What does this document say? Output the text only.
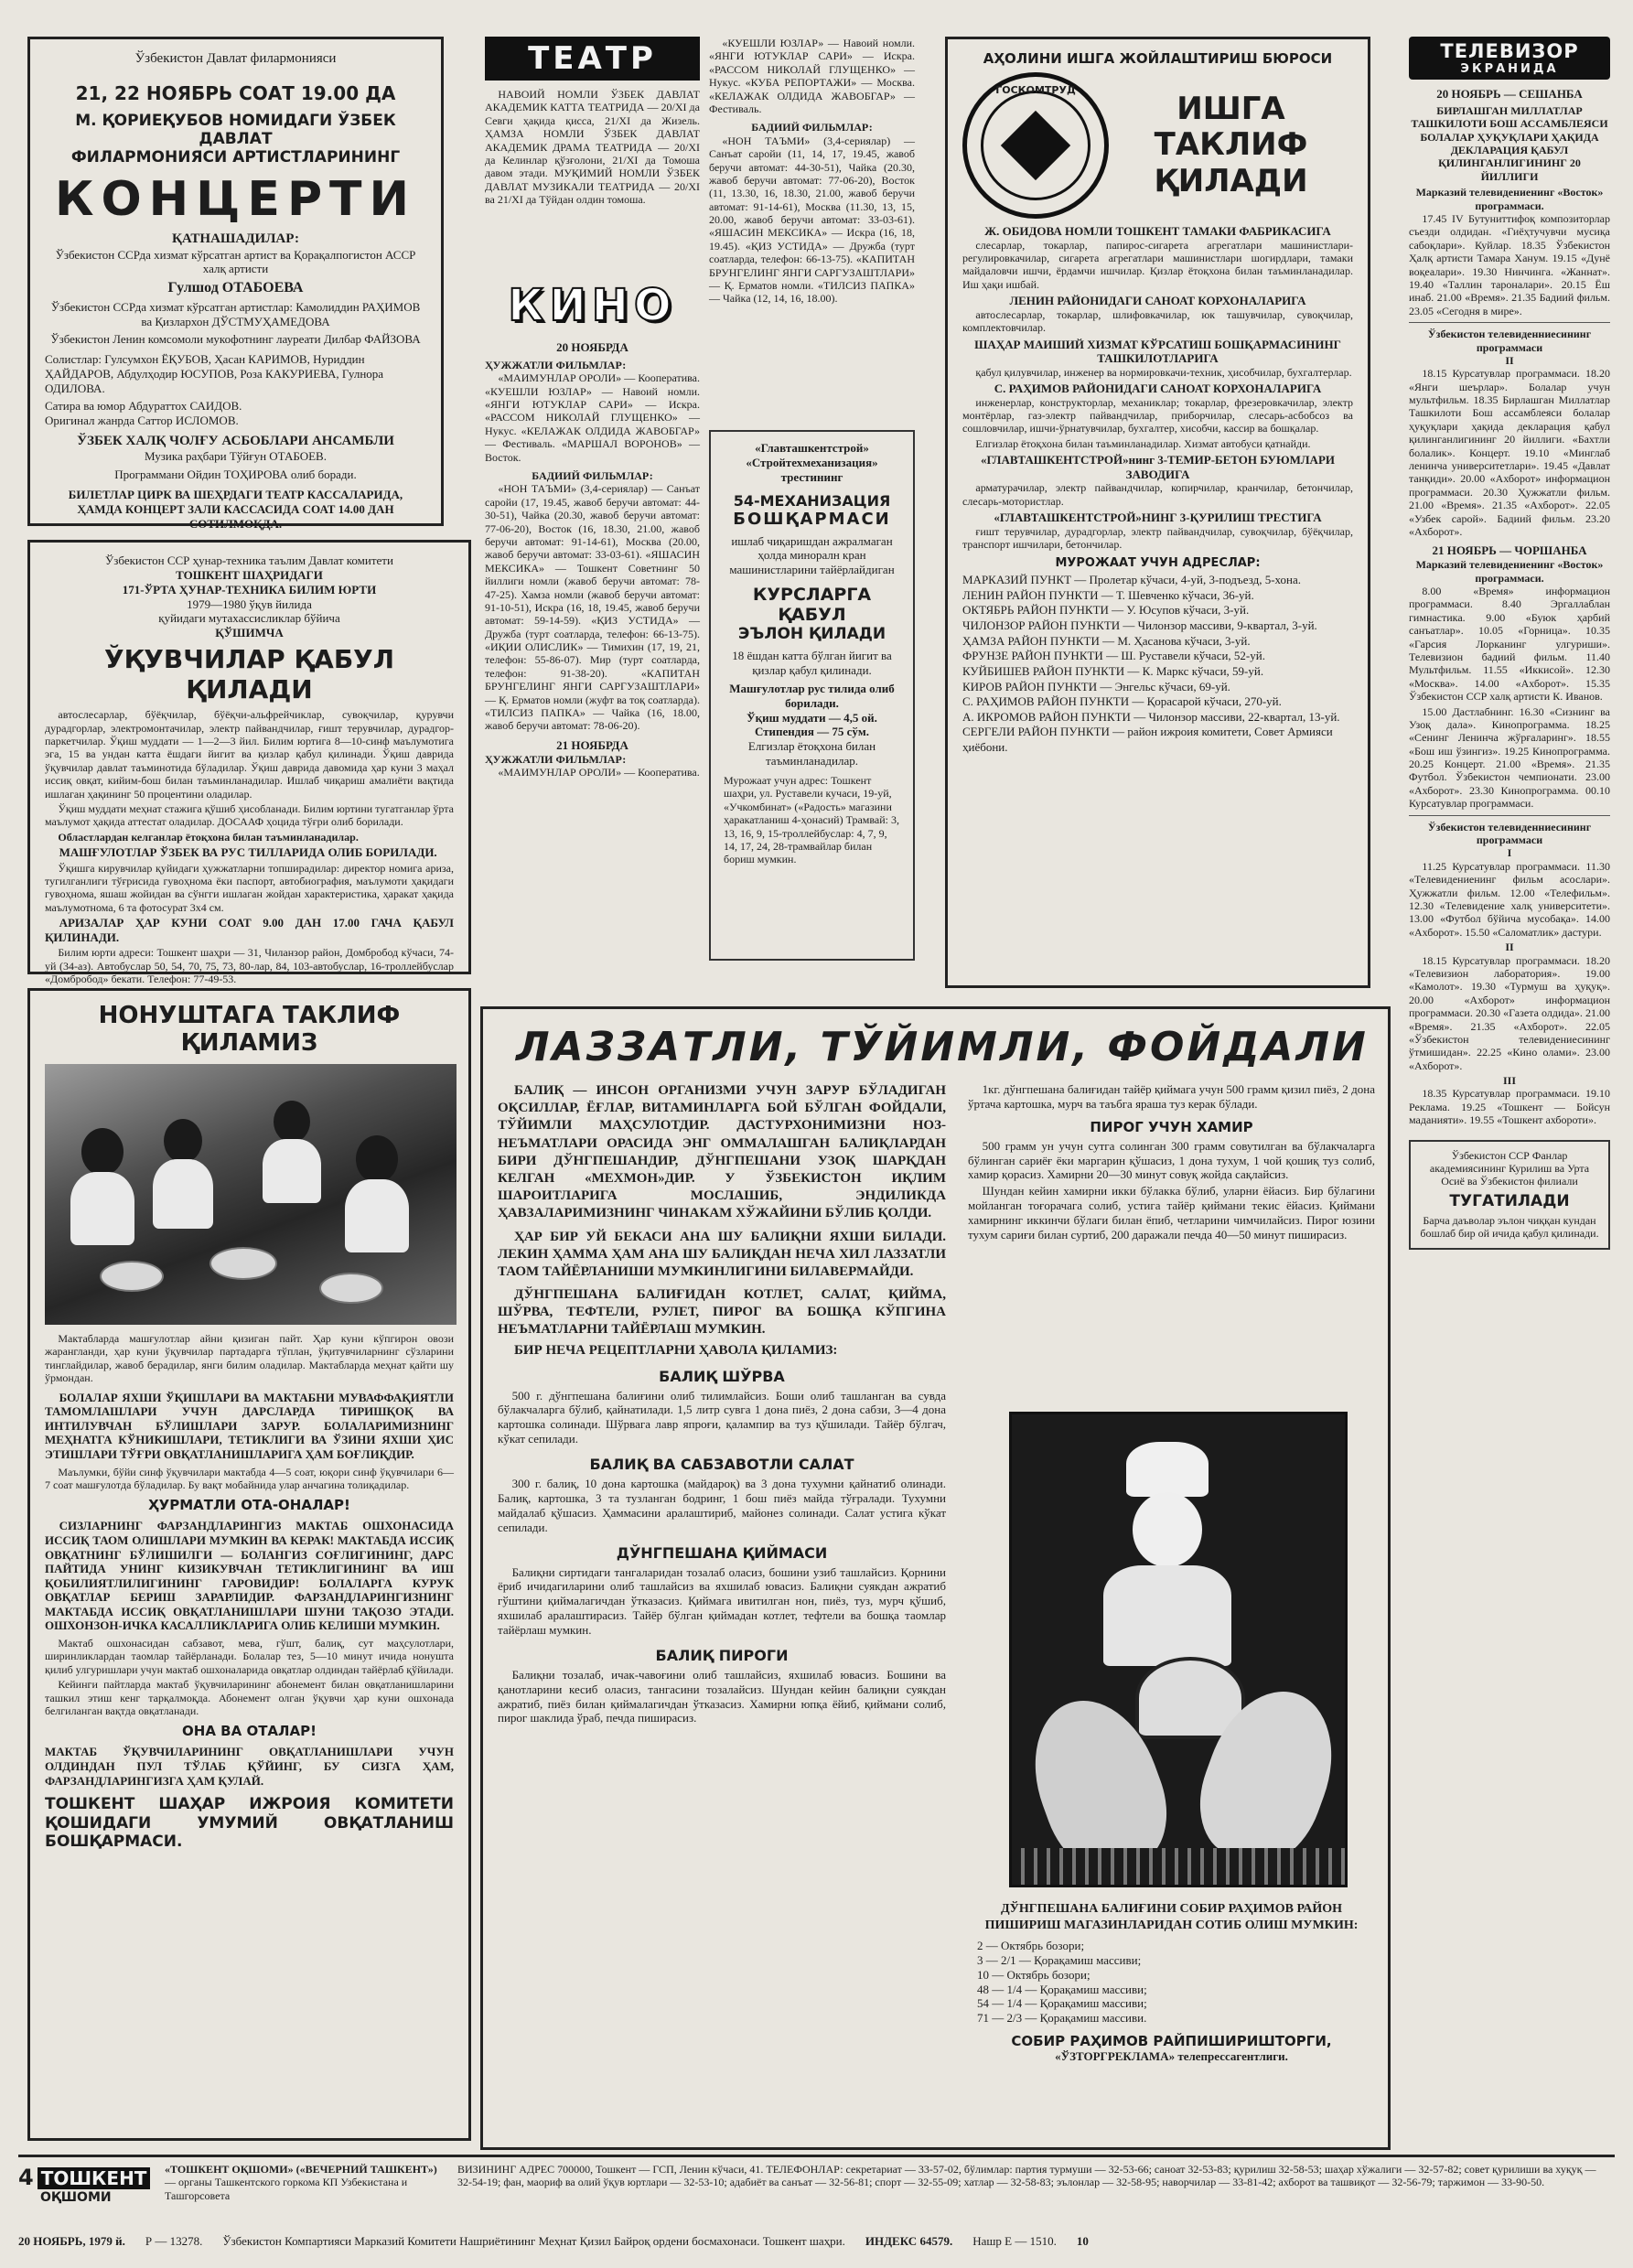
Ўзбекистон Давлат филармонияси
21, 22 НОЯБРЬ СОАТ 19.00 ДА
М. ҚОРИЕҚУБОВ НОМИДАГИ ЎЗБЕК ДАВЛАТ
ФИЛАРМОНИЯСИ АРТИСТЛАРИНИНГ
КОНЦЕРТИ
ҚАТНАШАДИЛАР:
Ўзбекистон ССРда хизмат кўрсатган артист ва Қорақалпогистон АССР халқ артисти
Гулшод ОТАБОЕВА
Ўзбекистон ССРда хизмат кўрсатган артистлар: Камолиддин РАҲИМОВ ва Қизлархон ДЎСТМУҲАМЕДОВА
Ўзбекистон Ленин комсомоли мукофотнинг лауреати Дилбар ФАЙЗОВА
Солистлар: Гулсумхон ЁҚУБОВ, Ҳасан КАРИМОВ, Нуриддин ҲАЙДАРОВ, Абдулҳодир ЮСУПОВ, Роза КАКУРИЕВА, Гулнора ОДИЛОВА.
Сатира ва юмор Абдураттох САИДОВ.
Оригинал жанрда Саттор ИСЛОМОВ.
ЎЗБЕК ХАЛҚ ЧОЛҒУ АСБОБЛАРИ АНСАМБЛИ
Музика раҳбари Тўйғун ОТАБОЕВ.
Программани Ойдин ТОҲИРОВА олиб боради.
БИЛЕТЛАР ЦИРК ВА ШЕҲРДАГИ ТЕАТР КАССАЛАРИДА, ҲАМДА КОНЦЕРТ ЗАЛИ КАССАСИДА СОАТ 14.00 ДАН СОТИЛМОҚДА.
ТЕАТР

НАВОИЙ НОМЛИ ЎЗБЕК ДАВЛАТ АКАДЕМИК КАТТА ТЕАТРИДА — 20/XI да Севги ҳақида қисса, 21/XI да Жизель. ҲАМЗА НОМЛИ ЎЗБЕК ДАВЛАТ АКАДЕМИК ДРАМА ТЕАТРИДА — 20/XI да Келинлар қўзғолони, 21/XI да Томоша давом этади. МУҚИМИЙ НОМЛИ ЎЗБЕК ДАВЛАТ МУЗИКАЛИ ТЕАТРИДА — 20/XI ва 21/XI да Тўйдан олдин томоша.

КИНО
20 НОЯБРДА
ҲУЖЖАТЛИ ФИЛЬМЛАР:

«МАИМУНЛАР ОРОЛИ» — Кооператива. «КУЕШЛИ ЮЗЛАР» — Навоий номли. «ЯНГИ ЮТУКЛАР САРИ» — Искра. «РАССОМ НИКОЛАЙ ГЛУЩЕНКО» — Нукус. «КЕЛАЖАК ОЛДИДА ЖАВОБГАР» — Фестиваль. «МАРШАЛ ВОРОНОВ» — Восток.

БАДИИЙ ФИЛЬМЛАР:

«НОН ТАЪМИ» (3,4-сериялар) — Санъат саройи (17, 19.45, жавоб беручи автомат: 44-30-51), Чайка (20.30, жавоб беручи автомат: 77-06-20), Восток (16, 18.30, 21.00, жавоб беручи автомат: 91-14-61), Москва (20.00, жавоб беручи автомат: 33-03-61). «ЯШАСИН МЕКСИКА» — Тошкент Советнинг 50 йиллиги номли (жавоб беручи автомат: 78-47-25). Хамза номли (жавоб беручи автомат: 91-10-51), Искра (16, 18, 19.45, жавоб беручи автомат: 59-14-59). «ҚИЗ УСТИДА» — Дружба (турт соатларда, телефон: 66-13-75). «ИҚИИ ОЛИСЛИК» — Тимихин (17, 19, 21, телефон: 55-86-07). Мир (турт соатларда, телефон: 91-38-20). «КАПИТАН БРУНГЕЛИНГ ЯНГИ САРГУЗАШТЛАРИ» — Қ. Ерматов номли (жуфт ва тоқ соатларда). «ТИЛСИЗ ПАПКА» — Чайка (16, 18.00, жавоб беручи автомат: 78-06-20).

21 НОЯБРДА
ҲУЖЖАТЛИ ФИЛЬМЛАР:

«МАИМУНЛАР ОРОЛИ» — Кооператива.

«КУЕШЛИ ЮЗЛАР» — Навоий номли. «ЯНГИ ЮТУКЛАР САРИ» — Искра. «РАССОМ НИКОЛАЙ ГЛУЩЕНКО» — Нукус. «КУБА РЕПОРТАЖИ» — Москва. «КЕЛАЖАК ОЛДИДА ЖАВОБГАР» — Фестиваль.

БАДИИЙ ФИЛЬМЛАР:

«НОН ТАЪМИ» (3,4-сериялар) — Санъат саройи (11, 14, 17, 19.45, жавоб беручи автомат: 44-30-51), Чайка (20.30, жавоб беручи автомат: 77-06-20), Восток (11, 13.30, 16, 18.30, 21.00, жавоб беручи автомат: 91-14-61), Москва (11.30, 13, 15, 20.00, жавоб беручи автомат: 33-03-61). «ЯШАСИН МЕКСИКА» — Искра (16, 18, 19.45). «ҚИЗ УСТИДА» — Дружба (турт соатларда, телефон: 66-13-75). «КАПИТАН БРУНГЕЛИНГ ЯНГИ САРГУЗАШТЛАРИ» — Қ. Ерматов номли. «ТИЛСИЗ ПАПКА» — Чайка (12, 14, 16, 18.00).

«Главташкентстрой» «Стройтехмеханизация» трестининг
54-МЕХАНИЗАЦИЯ
БОШҚАРМАСИ
ишлаб чиқаришдан ажралмаган ҳолда миноралн кран машинистларини тайёрлайдиган
КУРСЛАРГА
ҚАБУЛ
ЭЪЛОН ҚИЛАДИ
18 ёшдан катта бўлган йигит ва қизлар қабул қилинади.
Машғулотлар рус тилида олиб борилади.
Ўқиш муддати — 4,5 ой.
Стипендия — 75 сўм.
Елгизлар ётоқхона билан таъминланадилар.
Мурожаат учун адрес: Тошкент шаҳри, ул. Руставели кучаси, 19-уй, «Учкомбинат» («Радость» магазини ҳаракатланиш 4-ҳонасий) Трамвай: 3, 13, 16, 9, 15-троллейбуслар: 4, 7, 9, 14, 17, 24, 28-трамвайлар билан бориш мумкин.
Ўзбекистон ССР ҳунар-техника таълим Давлат комитети
ТОШКЕНТ ШАҲРИДАГИ
171-ЎРТА ҲУНАР-ТЕХНИКА БИЛИМ ЮРТИ
1979—1980 ўқув йилида
қуйидаги мутахассисликлар бўйича
ҚЎШИМЧА
ЎҚУВЧИЛАР ҚАБУЛ ҚИЛАДИ

автослесарлар, бўёқчилар, бўёқчи-альфрейчиклар, сувоқчилар, қурувчи дурадгорлар, электромонтачилар, электр пайвандчилар, ғишт терувчилар, дурадгор-паркетчилар. Ўқиш муддати — 1—2—3 йил. Билим юртига 8—10-синф маълумотига эга, 15 ва ундан катта ёшдаги йигит ва қизлар қабул қилинади. Ўқиш даврида ўқувчилар давлат таъминотида бўладилар. Ўқиш даврида давомида ҳар куни 3 маҳал иссиқ овқат, кийим-бош билан таъминланадилар. Ишлаб чиқариш амалиёти вақтида ишлаган ҳақининг 50 процентини оладилар.

Ўқиш муддати меҳнат стажига қўшиб ҳисобланади. Билим юртини тугатганлар ўрта маълумот ҳақида аттестат оладилар. ДОСААФ ҳоцида тўғри олиб борилади.

Областлардан келганлар ётоқхона билан таъминланадилар.

МАШҒУЛОТЛАР ЎЗБЕК ВА РУС ТИЛЛАРИДА ОЛИБ БОРИЛАДИ.

Ўқишга кирувчилар қуйидаги ҳужжатларни топширадилар: директор номига ариза, тугилганлиги тўғрисида гувоҳнома ёки паспорт, автобиография, маълумоти ҳақидаги гувоҳнома, яшаш жойидан ва сўнгги ишлаган жойдан характеристика, ҳаракат ҳақида маълумотнома, 6 та фотосурат 3х4 см.

АРИЗАЛАР ҲАР КУНИ СОАТ 9.00 ДАН 17.00 ГАЧА ҚАБУЛ ҚИЛИНАДИ.

Билим юрти адреси: Тошкент шаҳри — 31, Чиланзор район, Домбробод кўчаси, 74-уй (34-аз). Автобуслар 50, 54, 70, 75, 73, 80-лар, 84, 103-автобуслар, 16-троллейбуслар «Домбробод» бекати. Телефон: 77-49-53.

НОНУШТАГА ТАКЛИФ ҚИЛАМИЗ

Мактабларда машғулотлар айни қизиган пайт. Ҳар куни кўпгирон овози жарангланди, ҳар куни ўқувчилар партадарга тўплан, ўқитувчиларнинг сўзларини тинглайдилар, жавоб берадилар, янги билим оладилар. Мактабларда меҳнат қайти шу ўрмондан.

БОЛАЛАР ЯХШИ ЎҚИШЛАРИ ВА МАКТАБНИ МУВАФФАҚИЯТЛИ ТАМОМЛАШЛАРИ УЧУН ДАРСЛАРДА ТИРИШҚОҚ ВА ИНТИЛУВЧАН БЎЛИШЛАРИ ЗАРУР. БОЛАЛАРИМИЗНИНГ МЕҲНАТГА КЎНИКИШЛАРИ, ТЕТИКЛИГИ ВА ЎЗИНИ ЯХШИ ҲИС ЭТИШЛАРИ ТЎҒРИ ОВҚАТЛАНИШЛАРИГА ҲАМ БОҒЛИҚДИР.

Маълумки, бўйи синф ўқувчилари мактабда 4—5 соат, юқори синф ўқувчилари 6—7 соат машғулотда бўладилар. Бу вақт мобайнида улар анчагина толиқадилар.

ҲУРМАТЛИ ОТА-ОНАЛАР!

СИЗЛАРНИНГ ФАРЗАНДЛАРИНГИЗ МАКТАБ ОШХОНАСИДА ИССИҚ ТАОМ ОЛИШЛАРИ МУМКИН ВА КЕРАК! МАКТАБДА ИССИҚ ОВҚАТНИНГ БЎЛИШИЛГИ — БОЛАНГИЗ СОҒЛИГИНИНГ, ДАРС ПАЙТИДА УНИНГ КИЗИКУВЧАН ТЕТИКЛИГИНИНГ ВА ИШ ҚОБИЛИЯТЛИЛИГИНИНГ ГАРОВИДИР! БОЛАЛАРГА КУРУК ОВҚАТЛАР БЕРИШ ЗАРАРЛИДИР. ФАРЗАНДЛАРИНГИЗНИНГ МАКТАБДА ИССИҚ ОВҚАТЛАНИШЛАРИ ШУНИ ТАҚОЗО ЭТАДИ. ОШХОНЗОН-ИЧКА КАСАЛЛИКЛАРИГА ОЛИБ КЕЛИШИ МУМКИН.

Мактаб ошхонасидан сабзавот, мева, гўшт, балиқ, сут маҳсулотлари, ширинликлардан таомлар тайёрланади. Болалар тез, 5—10 минут ичида нонушта қилиб улгуришлари учун мактаб ошхоналарида овқатлар олдиндан тайёрлаб қўйилади.

Кейинги пайтларда мактаб ўқувчиларининг абонемент билан овқатланишларини ташкил этиш кенг тарқалмоқда. Абонемент олган ўқувчи ҳар куни ошхонада белгиланган вақтда овқатланади.

ОНА ВА ОТАЛАР!

МАКТАБ ЎҚУВЧИЛАРИНИНГ ОВҚАТЛАНИШЛАРИ УЧУН ОЛДИНДАН ПУЛ ТЎЛАБ ҚЎЙИНГ, БУ СИЗГА ҲАМ, ФАРЗАНДЛАРИНГИЗГА ҲАМ ҚУЛАЙ.

ТОШКЕНТ ШАҲАР ИЖРОИЯ КОМИТЕТИ ҚОШИДАГИ УМУМИЙ ОВҚАТЛАНИШ БОШҚАРМАСИ.

АҲОЛИНИ ИШГА ЖОЙЛАШТИРИШ БЮРОСИ
ГОСКОМТРУД
ИШГА
ТАКЛИФ
ҚИЛАДИ
Ж. ОБИДОВА НОМЛИ ТОШКЕНТ ТАМАКИ ФАБРИКАСИГА

слесарлар, токарлар, папирос-сигарета агрегатлари машинистлари-регулировкачилар, сигарета агрегатлари машинистлари шогирдлари, тамаки майдаловчи ишчи, ёрдамчи ишчилар. Қизлар ётоқхона билан таъминланадилар. Иш ҳақи ишбай.

ЛЕНИН РАЙОНИДАГИ САНОАТ КОРХОНАЛАРИГА

автослесарлар, токарлар, шлифовкачилар, юк ташувчилар, сувоқчилар, комплектовчилар.

ШАҲАР МАИШИЙ ХИЗМАТ КЎРСАТИШ БОШҚАРМАСИНИНГ ТАШКИЛОТЛАРИГА

қабул қилувчилар, инженер ва нормировкачи-техник, ҳисобчилар, бухгалтерлар.

С. РАҲИМОВ РАЙОНИДАГИ САНОАТ КОРХОНАЛАРИГА

инженерлар, конструкторлар, механиклар; токарлар, фрезеровкачилар, электр монтёрлар, газ-электр пайвандчилар, приборчилар, слесарь-асбобсоз ва сошловчилар, ишчи-ўрнатувчилар, бухгалтер, хисобчи, кассир ва бошқалар.

Елгизлар ётоқхона билан таъминланадилар. Хизмат автобуси қатнайди.

«ГЛАВТАШКЕНТСТРОЙ»нинг 3-ТЕМИР-БЕТОН БУЮМЛАРИ ЗАВОДИГА

арматурачилар, электр пайвандчилар, копирчилар, кранчилар, бетончилар, слесарь-мотористлар.

«ГЛАВТАШКЕНТСТРОЙ»НИНГ 3-ҚУРИЛИШ ТРЕСТИГА

ғишт терувчилар, дурадгорлар, электр пайвандчилар, сувоқчилар, бўёқчилар, транспорт ишчилари, бетончилар.

МУРОЖААТ УЧУН АДРЕСЛАР:
МАРКАЗИЙ ПУНКТ — Пролетар кўчаси, 4-уй, 3-подъезд, 5-хона.
ЛЕНИН РАЙОН ПУНКТИ — Т. Шевченко кўчаси, 36-уй.
ОКТЯБРЬ РАЙОН ПУНКТИ — У. Юсупов кўчаси, 3-уй.
ЧИЛОНЗОР РАЙОН ПУНКТИ — Чилонзор массиви, 9-квартал, 3-уй.
ҲАМЗА РАЙОН ПУНКТИ — М. Ҳасанова кўчаси, 3-уй.
ФРУНЗЕ РАЙОН ПУНКТИ — Ш. Руставели кўчаси, 52-уй.
КУЙБИШЕВ РАЙОН ПУНКТИ — К. Маркс кўчаси, 59-уй.
КИРОВ РАЙОН ПУНКТИ — Энгельс кўчаси, 69-уй.
С. РАҲИМОВ РАЙОН ПУНКТИ — Қорасарой кўчаси, 270-уй.
А. ИКРОМОВ РАЙОН ПУНКТИ — Чилонзор массиви, 22-квартал, 13-уй.
СЕРГЕЛИ РАЙОН ПУНКТИ — район ижроия комитети, Совет Армияси ҳиёбони.
ТЕЛЕВИЗОР
ЭКРАНИДА
20 НОЯБРЬ — СЕШАНБА
БИРЛАШГАН МИЛЛАТЛАР ТАШКИЛОТИ БОШ АССАМБЛЕЯСИ БОЛАЛАР ҲУҚУҚЛАРИ ҲАҚИДА ДЕКЛАРАЦИЯ ҚАБУЛ ҚИЛИНГАНЛИГИНИНГ 20 ЙИЛЛИГИ
Марказий телевидениенинг «Восток» программаси.

17.45 IV Бутуниттифоқ композиторлар съезди олдидан. «Гиёҳтучувчи мусиқа сабоқлари». Куйлар. 18.35 Ўзбекистон Ҳалқ артисти Тамара Ханум. 19.15 «Дунё воқеалари». 19.30 Нинчинга. «Жаннат». 19.40 «Таллин тароналари». 20.15 Ёш инаб. 21.00 «Время». 21.35 Бадиий фильм. 23.05 «Сегодня в мире».

Ўзбекистон телевиденниесининг программаси
II

18.15 Курсатувлар программаси. 18.20 «Янги шеърлар». Болалар учун мультфильм. 18.35 Бирлашган Миллатлар Ташкилоти Бош ассамблеяси болалар ҳуқуқлари ҳақида декларация қабул қилинганлигининг 20 йиллиги. «Бахтли болалик». Концерт. 19.10 «Минглаб ленинча университетлари». 19.45 «Давлат танқиди». 20.00 «Ахборот» информацион программаси. 20.30 Ҳужжатли фильм. 21.00 «Время». 21.35 «Ахборот». 22.05 «Узбек сарой». Бадиий фильм. 23.20 «Ахборот».

21 НОЯБРЬ — ЧОРШАНБА
Марказий телевидениенинг «Восток» программаси.

8.00 «Время» информацион программаси. 8.40 Эргаллаблан гимнастика. 9.00 «Буюк ҳарбий санъатлар». 10.05 «Горница». 10.35 «Гарсия Лорканинг улгуриши». Телевизион бадиий фильм. 11.40 Мультфильм. 11.55 «Иккисой». 12.30 «Москва». 14.00 «Ахборот». 15.35 Ўзбекистон ССР халқ артисти К. Иванов.

15.00 Дастлабнинг. 16.30 «Сизнинг ва Узоқ дала». Кинопрограмма. 18.25 «Сенинг Ленинча жўрғаларинг». 18.55 «Бош иш ўзингиз». 19.25 Кинопрограмма. 20.25 Концерт. 21.00 «Время». 21.35 Футбол. Ўзбекистон чемпионати. 23.00 «Ахборот». 23.30 Кинопрограмма. 00.10 Курсатувлар программаси.

Ўзбекистон телевиденниесининг программаси
I

11.25 Курсатувлар программаси. 11.30 «Телевидениенинг фильм асослари». Ҳужжатли фильм. 12.00 «Телефильм». 12.30 «Телевидение халқ университети». 13.00 «Футбол бўйича мусобақа». 14.00 «Ахборот». 15.50 «Саломатлик» дастури.

II

18.15 Курсатувлар программаси. 18.20 «Телевизион лаборатория». 19.00 «Камолот». 19.30 «Турмуш ва ҳуқуқ». 20.00 «Ахборот» информацион программаси. 20.30 «Газета олдида». 21.00 «Время». 21.35 «Ахборот». 22.05 «Ўзбекистон телевидениесининг ўтмишидан». 22.25 «Кино олами». 23.00 «Ахборот».

III

18.35 Курсатувлар программаси. 19.10 Реклама. 19.25 «Тошкент — Бойсун маданияти». 19.55 «Тошкент ахбороти».

Ўзбекистон ССР Фанлар академиясининг Курилиш ва Урта Осиё ва Ўзбекистон филиали
ТУГАТИЛАДИ
Барча даъволар эълон чиққан кундан бошлаб бир ой ичида қабул қилинади.
ЛАЗЗАТЛИ, ТЎЙИМЛИ, ФОЙДАЛИ

БАЛИҚ — ИНСОН ОРГАНИЗМИ УЧУН ЗАРУР БЎЛАДИГАН ОҚСИЛЛАР, ЁҒЛАР, ВИТАМИНЛАРГА БОЙ БЎЛГАН ФОЙДАЛИ, ТЎЙИМЛИ МАҲСУЛОТДИР. ДАСТУРХОНИМИЗНИ НОЗ-НЕЪМАТЛАРИ ОРАСИДА ЭНГ ОММАЛАШГАН БАЛИҚЛАРДАН БИРИ ДЎНГПЕШАНДИР, ДЎНГПЕШАНИ УЗОҚ ШАРҚДАН КЕЛГАН «МЕХМОН»ДИР. У ЎЗБЕКИСТОН ИҚЛИМ ШАРОИТЛАРИГА МОСЛАШИБ, ЭНДИЛИКДА ҲАВЗАЛАРИМИЗНИНГ ЧИНАКАМ ХЎЖАЙИНИ БЎЛИБ ҚОЛДИ.

ҲАР БИР УЙ БЕКАСИ АНА ШУ БАЛИҚНИ ЯХШИ БИЛАДИ. ЛЕКИН ҲАММА ҲАМ АНА ШУ БАЛИҚДАН НЕЧА ХИЛ ЛАЗЗАТЛИ ТАОМ ТАЙЁРЛАНИШИ МУМКИНЛИГИНИ БИЛАВЕРМАЙДИ.

ДЎНГПЕШАНА БАЛИҒИДАН КОТЛЕТ, САЛАТ, ҚИЙМА, ШЎРВА, ТЕФТЕЛИ, РУЛЕТ, ПИРОГ ВА БОШҚА КЎПГИНА НЕЪМАТЛАРНИ ТАЙЁРЛАШ МУМКИН.

БИР НЕЧА РЕЦЕПТЛАРНИ ҲАВОЛА ҚИЛАМИЗ:

БАЛИҚ ШЎРВА

500 г. дўнгпешана балиғини олиб тилимлайсиз. Боши олиб ташланган ва сувда бўлакчаларга бўлиб, қайнатилади. 1,5 литр сувга 1 дона пиёз, 2 дона сабзи, 3—4 дона картошка солинади. Шўрвага лавр япроғи, қалампир ва туз қўшилади. Тайёр бўлгач, кўкат сепилади.

БАЛИҚ ВА САБЗАВОТЛИ САЛАТ

300 г. балиқ, 10 дона картошка (майдароқ) ва 3 дона тухумни қайнатиб олинади. Балиқ, картошка, 3 та тузланган бодринг, 1 бош пиёз майда тўғралади. Тухумни майдалаб қўшасиз. Ҳаммасини аралаштириб, майонез солинади. Салат устига кўкат сепилади.

ДЎНГПЕШАНА ҚИЙМАСИ

Балиқни сиртидаги тангаларидан тозалаб оласиз, бошини узиб ташлайсиз. Қорнини ёриб ичидагиларини олиб ташлайсиз ва яхшилаб ювасиз. Балиқни суякдан ажратиб гўштини қиймалагичдан ўтказасиз. Қиймага ивитилган нон, пиёз, туз, мурч қўшиб, яхшилаб аралаштирасиз. Тайёр бўлган қиймадан котлет, тефтели ва бошқа таомлар тайёрлаш мумкин.

БАЛИҚ ПИРОГИ

Балиқни тозалаб, ичак-чавоғини олиб ташлайсиз, яхшилаб ювасиз. Бошини ва қанотларини кесиб оласиз, тангасини тозалайсиз. Шундан кейин балиқни суякдан ажратиб, пиёз билан қиймалагичдан ўтказасиз. Хамирни юпқа ёйиб, қиймани солиб, пирог шаклида ўраб, печда пиширасиз.

1кг. дўнгпешана балиғидан тайёр қиймага учун 500 грамм қизил пиёз, 2 дона ўртача картошка, мурч ва таъбга яраша туз керак бўлади.

ПИРОГ УЧУН ХАМИР

500 грамм ун учун сутга солинган 300 грамм совутилган ва бўлакчаларга бўлинган сариёғ ёки маргарин қўшасиз, 1 дона тухум, 1 чой қошиқ туз солиб, хамир қорасиз. Хамирни 20—30 минут совуқ жойда сақлайсиз.

Шундан кейин хамирни икки бўлакка бўлиб, уларни ёйасиз. Бир бўлагини мойланган тоғорачага солиб, устига тайёр қиймани текис ёйасиз. Қиймани хамирнинг иккинчи бўлаги билан ёпиб, четларини чимчилайсиз. Пирог юзини тухум сариғи билан суртиб, 200 даражали печда 40—50 минут пиширасиз.

ДЎНГПЕШАНА БАЛИҒИНИ СОБИР РАҲИМОВ РАЙОН ПИШИРИШ МАГАЗИНЛАРИДАН СОТИБ ОЛИШ МУМКИН:
2 — Октябрь бозори;
3 — 2/1 — Қорақамиш массиви;
10 — Октябрь бозори;
48 — 1/4 — Қорақамиш массиви;
54 — 1/4 — Қорақамиш массиви;
71 — 2/3 — Қорақамиш массиви.
СОБИР РАҲИМОВ РАЙПИШИРИШТОРГИ,
«ЎЗТОРГРЕКЛАМА» телепрессагентлиги.
4 ТОШКЕНТ
ОҚШОМИ
«ТОШКЕНТ ОҚШОМИ» («ВЕЧЕРНИЙ ТАШКЕНТ»)
— органы Ташкентского горкома КП Узбекистана и Ташгорсовета
ВИЗИНИНГ АДРЕС 700000, Тошкент — ГСП, Ленин кўчаси, 41. ТЕЛЕФОНЛАР: секретариат — 33-57-02, бўлимлар: партия турмуши — 32-53-66; саноат 32-53-83; қурилиш 32-58-53; шаҳар хўжалиги — 32-57-82; совет қурилиши ва хуқуқ — 32-54-19; фан, маориф ва олий ўқув юртлари — 32-53-10; адабиёт ва санъат — 32-56-81; спорт — 32-55-09; хатлар — 32-58-83; эълонлар — 32-58-95; наворчилар — 33-81-42; ахборот ва ташвиқот — 32-56-79; таржимон — 33-90-50.
20 НОЯБРЬ, 1979 й. Р — 13278. Ўзбекистон Компартияси Марказий Комитети Нашриётининг Меҳнат Қизил Байроқ ордени босмахонаси. Тошкент шаҳри. ИНДЕКС 64579. Нашр Е — 1510. 10
